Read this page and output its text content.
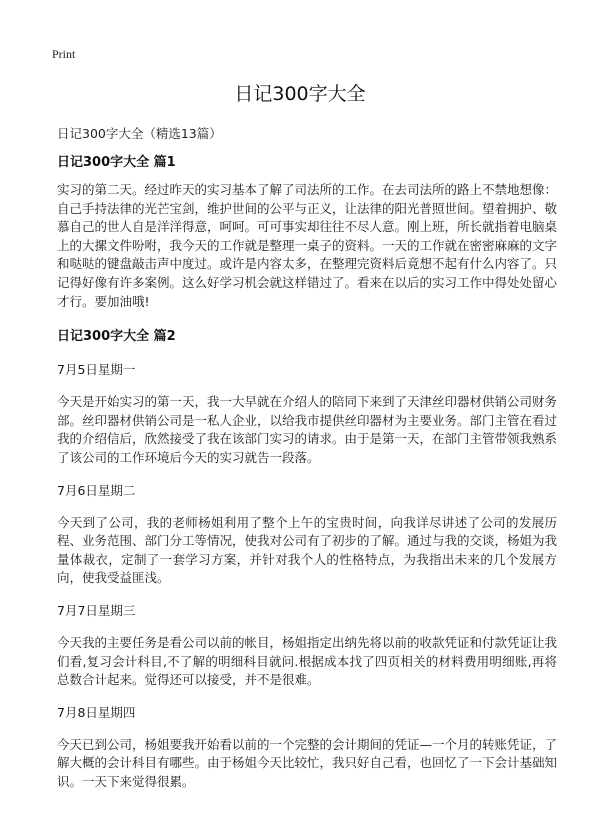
Print
日记300字大全
日记300字大全（精选13篇）
日记300字大全 篇1

实习的第二天。经过昨天的实习基本了解了司法所的工作。在去司法所的路上不禁地想像：自己手持法律的光芒宝剑，维护世间的公平与正义，让法律的阳光普照世间。望着拥护、敬慕自己的世人自是洋洋得意，呵呵。可可事实却往往不尽人意。刚上班，所长就指着电脑桌上的大摞文件吩咐，我今天的工作就是整理一桌子的资料。一天的工作就在密密麻麻的文字和哒哒的键盘敲击声中度过。或许是内容太多，在整理完资料后竟想不起有什么内容了。只记得好像有许多案例。这么好学习机会就这样错过了。看来在以后的实习工作中得处处留心才行。要加油哦!

日记300字大全 篇2
7月5日星期一

今天是开始实习的第一天，我一大早就在介绍人的陪同下来到了天津丝印器材供销公司财务部。丝印器材供销公司是一私人企业，以给我市提供丝印器材为主要业务。部门主管在看过我的介绍信后，欣然接受了我在该部门实习的请求。由于是第一天，在部门主管带领我熟系了该公司的工作环境后今天的实习就告一段落。

7月6日星期二

今天到了公司，我的老师杨姐利用了整个上午的宝贵时间，向我详尽讲述了公司的发展历程、业务范围、部门分工等情况，使我对公司有了初步的了解。通过与我的交谈，杨姐为我量体裁衣，定制了一套学习方案，并针对我个人的性格特点，为我指出未来的几个发展方向，使我受益匪浅。

7月7日星期三

今天我的主要任务是看公司以前的帐目，杨姐指定出纳先将以前的收款凭证和付款凭证让我们看,复习会计科目,不了解的明细科目就问.根据成本找了四页相关的材料费用明细账,再将总数合计起来。觉得还可以接受，并不是很难。

7月8日星期四

今天已到公司，杨姐要我开始看以前的一个完整的会计期间的凭证—一个月的转账凭证，了解大概的会计科目有哪些。由于杨姐今天比较忙，我只好自己看，也回忆了一下会计基础知识。一天下来觉得很累。
